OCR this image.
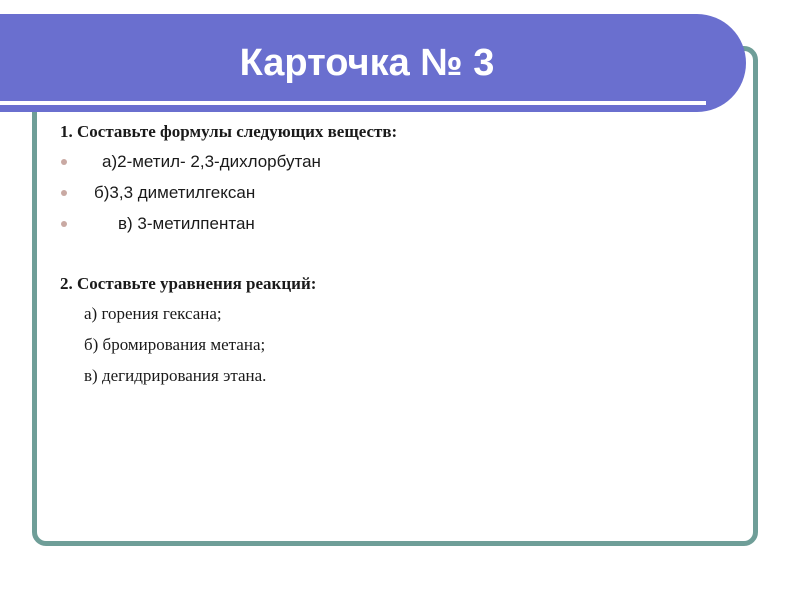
Карточка № 3

1. Составьте формулы следующих веществ:

а)2-метил- 2,3-дихлорбутан

б)3,3 диметилгексан

в) 3-метилпентан

2. Составьте уравнения реакций:

а) горения гексана;
б) бромирования метана;
в) дегидрирования этана.
